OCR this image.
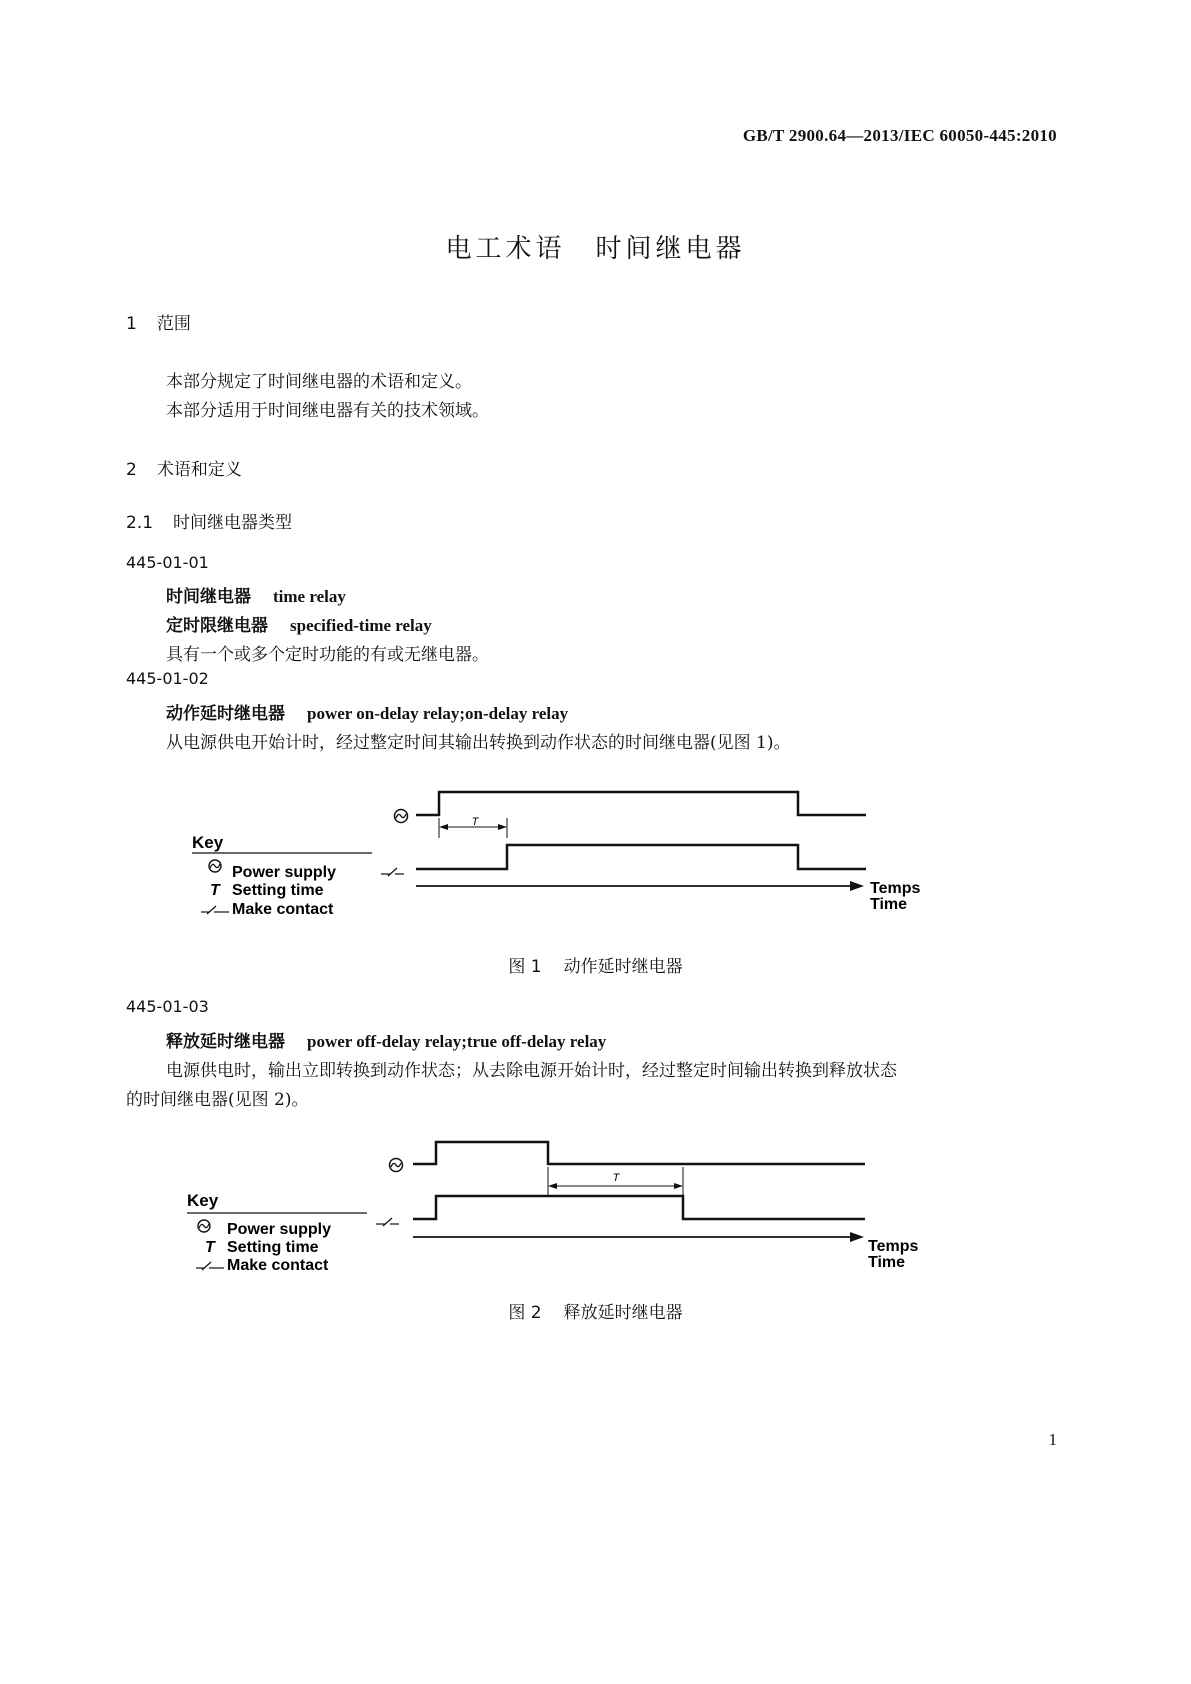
GB/T 2900.64—2013/IEC 60050-445:2010
电工术语　时间继电器
1 范围
本部分规定了时间继电器的术语和定义。
本部分适用于时间继电器有关的技术领域。
2 术语和定义
2.1 时间继电器类型
445-01-01
时间继电器 time relay
定时限继电器 specified-time relay
具有一个或多个定时功能的有或无继电器。
445-01-02
动作延时继电器 power on-delay relay;on-delay relay
从电源供电开始计时，经过整定时间其输出转换到动作状态的时间继电器(见图 1)。
T
Temps
Time
Key
Power supply
T Setting time
Make contact
图 1 动作延时继电器
445-01-03
释放延时继电器 power off-delay relay;true off-delay relay
电源供电时，输出立即转换到动作状态；从去除电源开始计时，经过整定时间输出转换到释放状态
的时间继电器(见图 2)。
T
Temps
Time
Key
Power supply
T Setting time
Make contact
图 2 释放延时继电器
1
